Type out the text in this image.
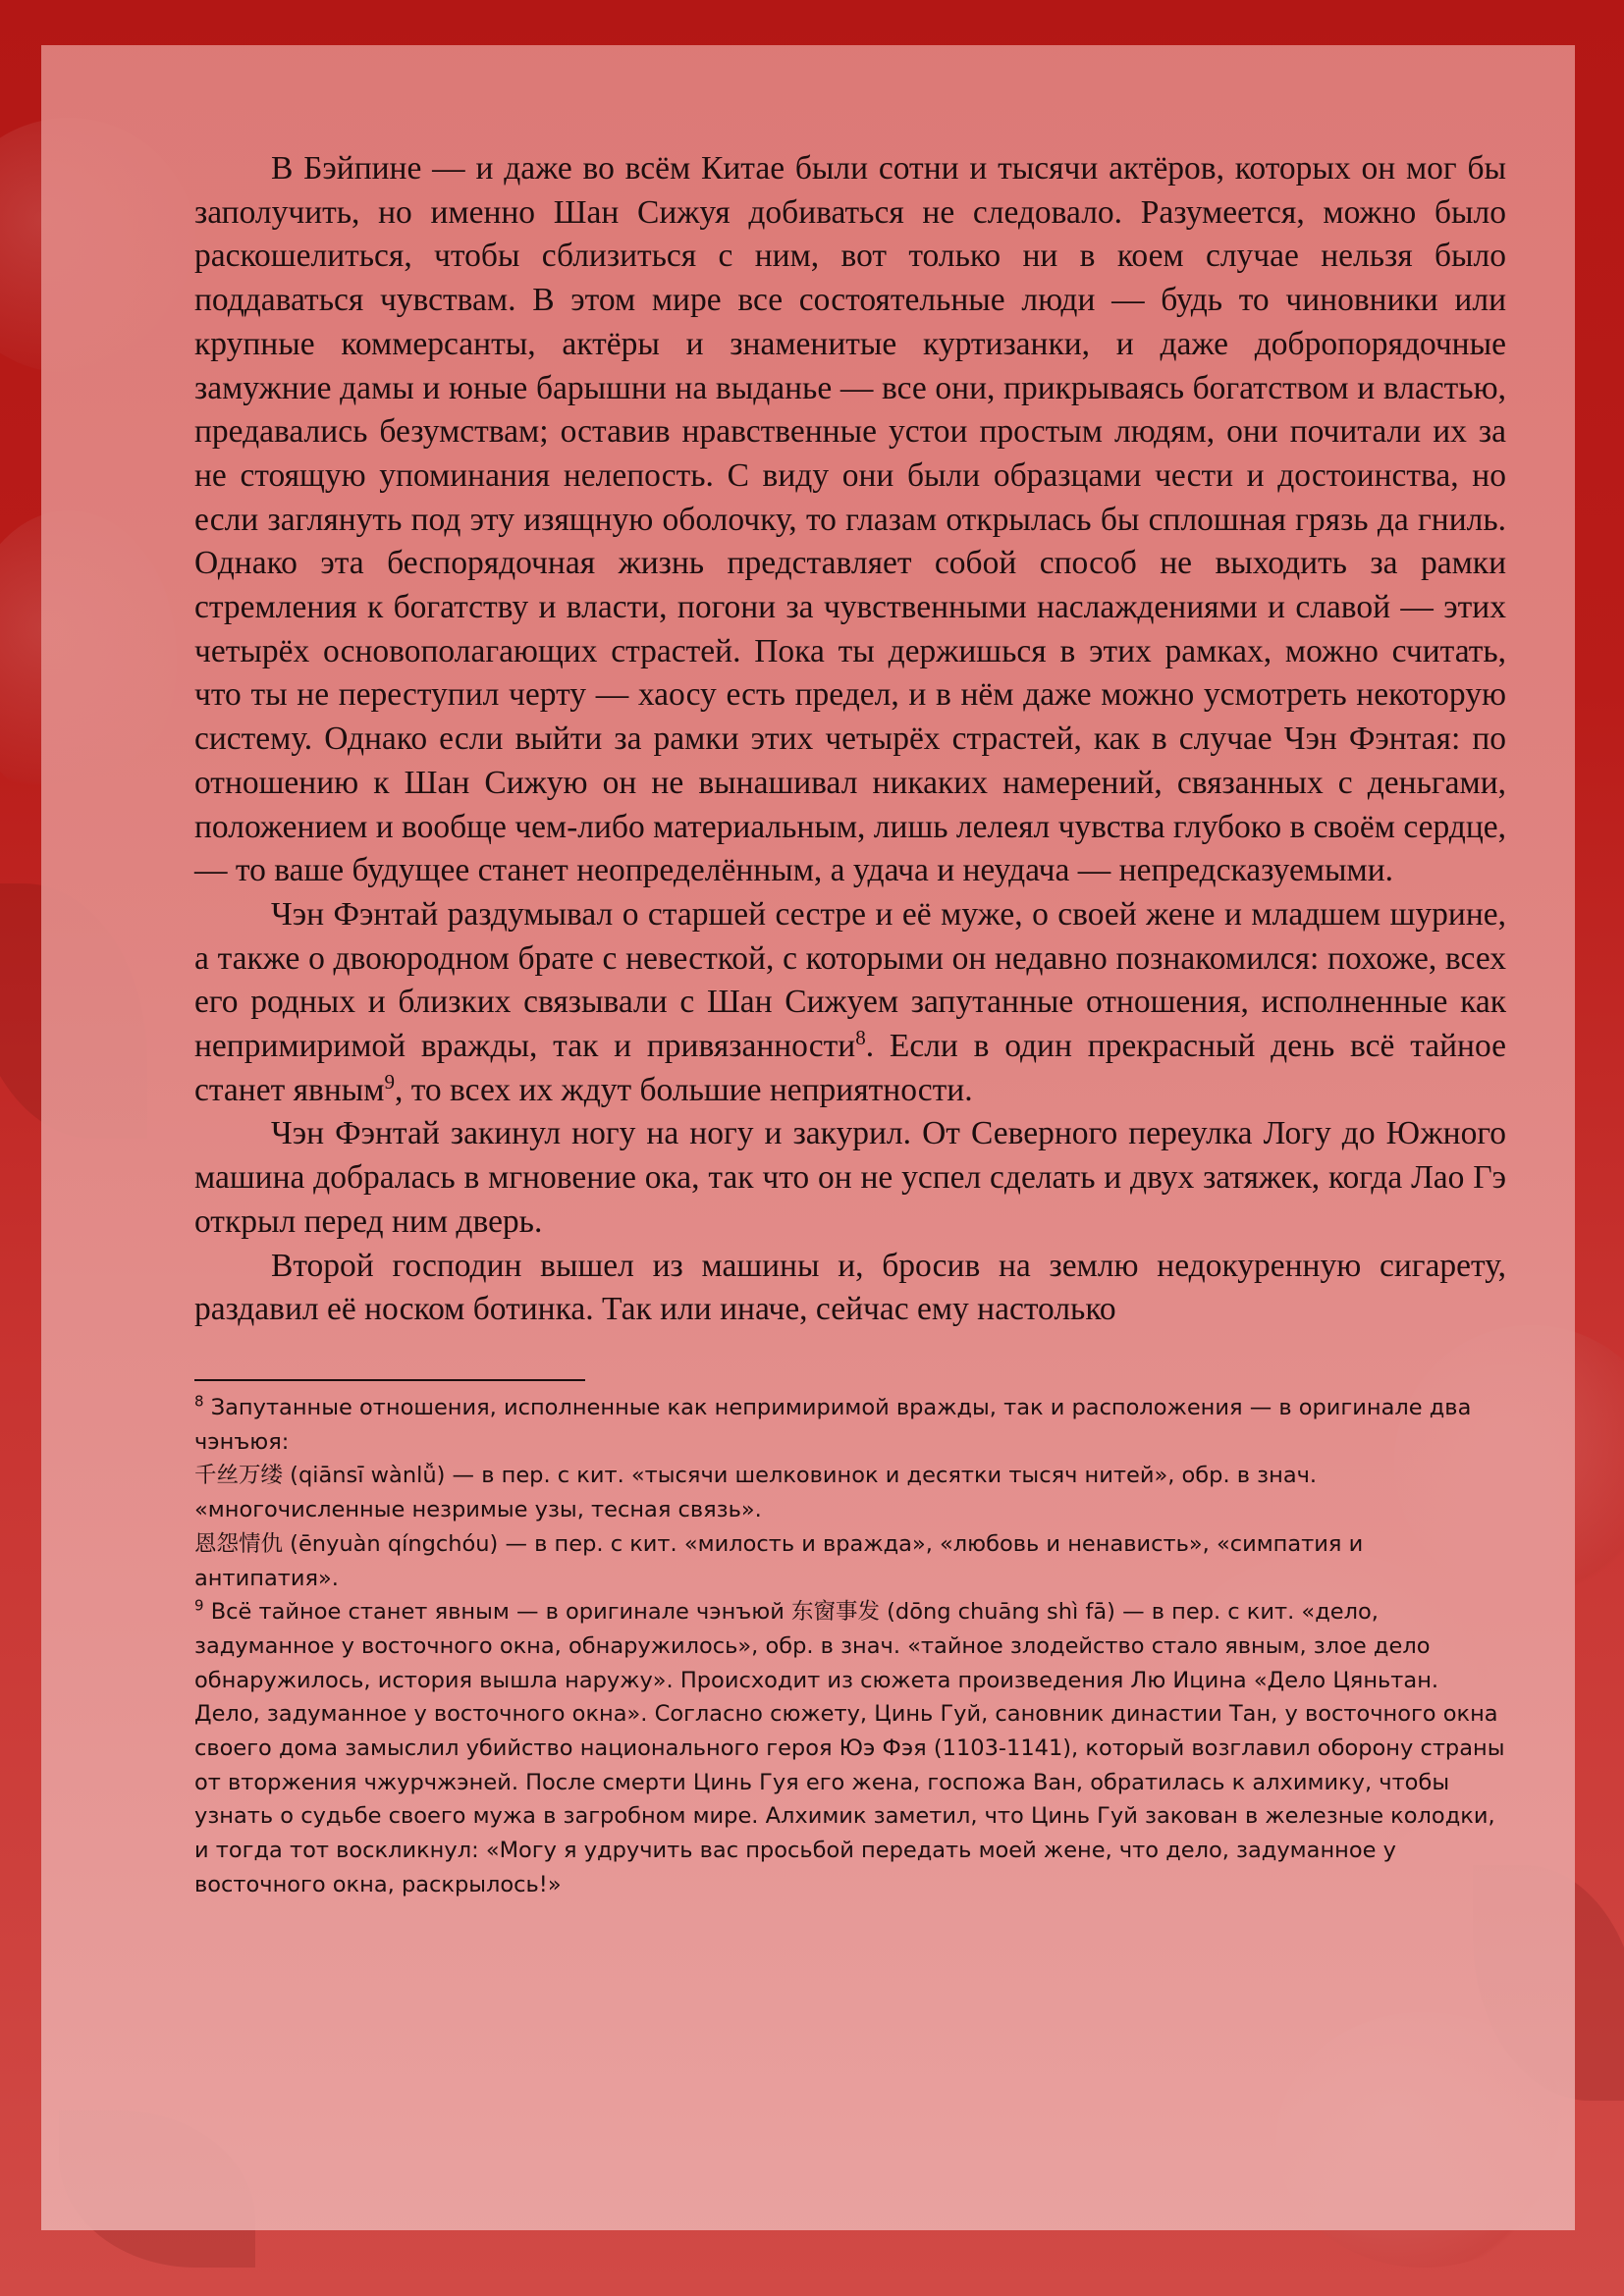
В Бэйпине — и даже во всём Китае были сотни и тысячи актёров, которых он мог бы заполучить, но именно Шан Сижуя добиваться не следовало. Разумеется, можно было раскошелиться, чтобы сблизиться с ним, вот только ни в коем случае нельзя было поддаваться чувствам. В этом мире все состоятельные люди — будь то чиновники или крупные коммерсанты, актёры и знаменитые куртизанки, и даже добропорядочные замужние дамы и юные барышни на выданье — все они, прикрываясь богатством и властью, предавались безумствам; оставив нравственные устои простым людям, они почитали их за не стоящую упоминания нелепость. С виду они были образцами чести и достоинства, но если заглянуть под эту изящную оболочку, то глазам открылась бы сплошная грязь да гниль. Однако эта беспорядочная жизнь представляет собой способ не выходить за рамки стремления к богатству и власти, погони за чувственными наслаждениями и славой — этих четырёх основополагающих страстей. Пока ты держишься в этих рамках, можно считать, что ты не переступил черту — хаосу есть предел, и в нём даже можно усмотреть некоторую систему. Однако если выйти за рамки этих четырёх страстей, как в случае Чэн Фэнтая: по отношению к Шан Сижую он не вынашивал никаких намерений, связанных с деньгами, положением и вообще чем-либо материальным, лишь лелеял чувства глубоко в своём сердце, — то ваше будущее станет неопределённым, а удача и неудача — непредсказуемыми.

Чэн Фэнтай раздумывал о старшей сестре и её муже, о своей жене и младшем шурине, а также о двоюродном брате с невесткой, с которыми он недавно познакомился: похоже, всех его родных и близких связывали с Шан Сижуем запутанные отношения, исполненные как непримиримой вражды, так и привязанности$^8$. Если в один прекрасный день всё тайное станет явным$^9$, то всех их ждут большие неприятности.

Чэн Фэнтай закинул ногу на ногу и закурил. От Северного переулка Логу до Южного машина добралась в мгновение ока, так что он не успел сделать и двух затяжек, когда Лао Гэ открыл перед ним дверь.

Второй господин вышел из машины и, бросив на землю недокуренную сигарету, раздавил её носком ботинка. Так или иначе, сейчас ему настолько

$^8$ Запутанные отношения, исполненные как непримиримой вражды, так и расположения — в оригинале два чэнъюя:

千丝万缕 (qiānsī wànlǚ) — в пер. с кит. «тысячи шелковинок и десятки тысяч нитей», обр. в знач. «многочисленные незримые узы, тесная связь».

恩怨情仇 (ēnyuàn qíngchóu) — в пер. с кит. «милость и вражда», «любовь и ненависть», «симпатия и антипатия».

$^9$ Всё тайное станет явным — в оригинале чэнъюй 东窗事发 (dōng chuāng shì fā) — в пер. с кит. «дело, задуманное у восточного окна, обнаружилось», обр. в знач. «тайное злодейство стало явным, злое дело обнаружилось, история вышла наружу». Происходит из сюжета произведения Лю Ицина «Дело Цяньтан. Дело, задуманное у восточного окна». Согласно сюжету, Цинь Гуй, сановник династии Тан, у восточного окна своего дома замыслил убийство национального героя Юэ Фэя (1103-1141), который возглавил оборону страны от вторжения чжурчжэней. После смерти Цинь Гуя его жена, госпожа Ван, обратилась к алхимику, чтобы узнать о судьбе своего мужа в загробном мире. Алхимик заметил, что Цинь Гуй закован в железные колодки, и тогда тот воскликнул: «Могу я удручить вас просьбой передать моей жене, что дело, задуманное у восточного окна, раскрылось!»
